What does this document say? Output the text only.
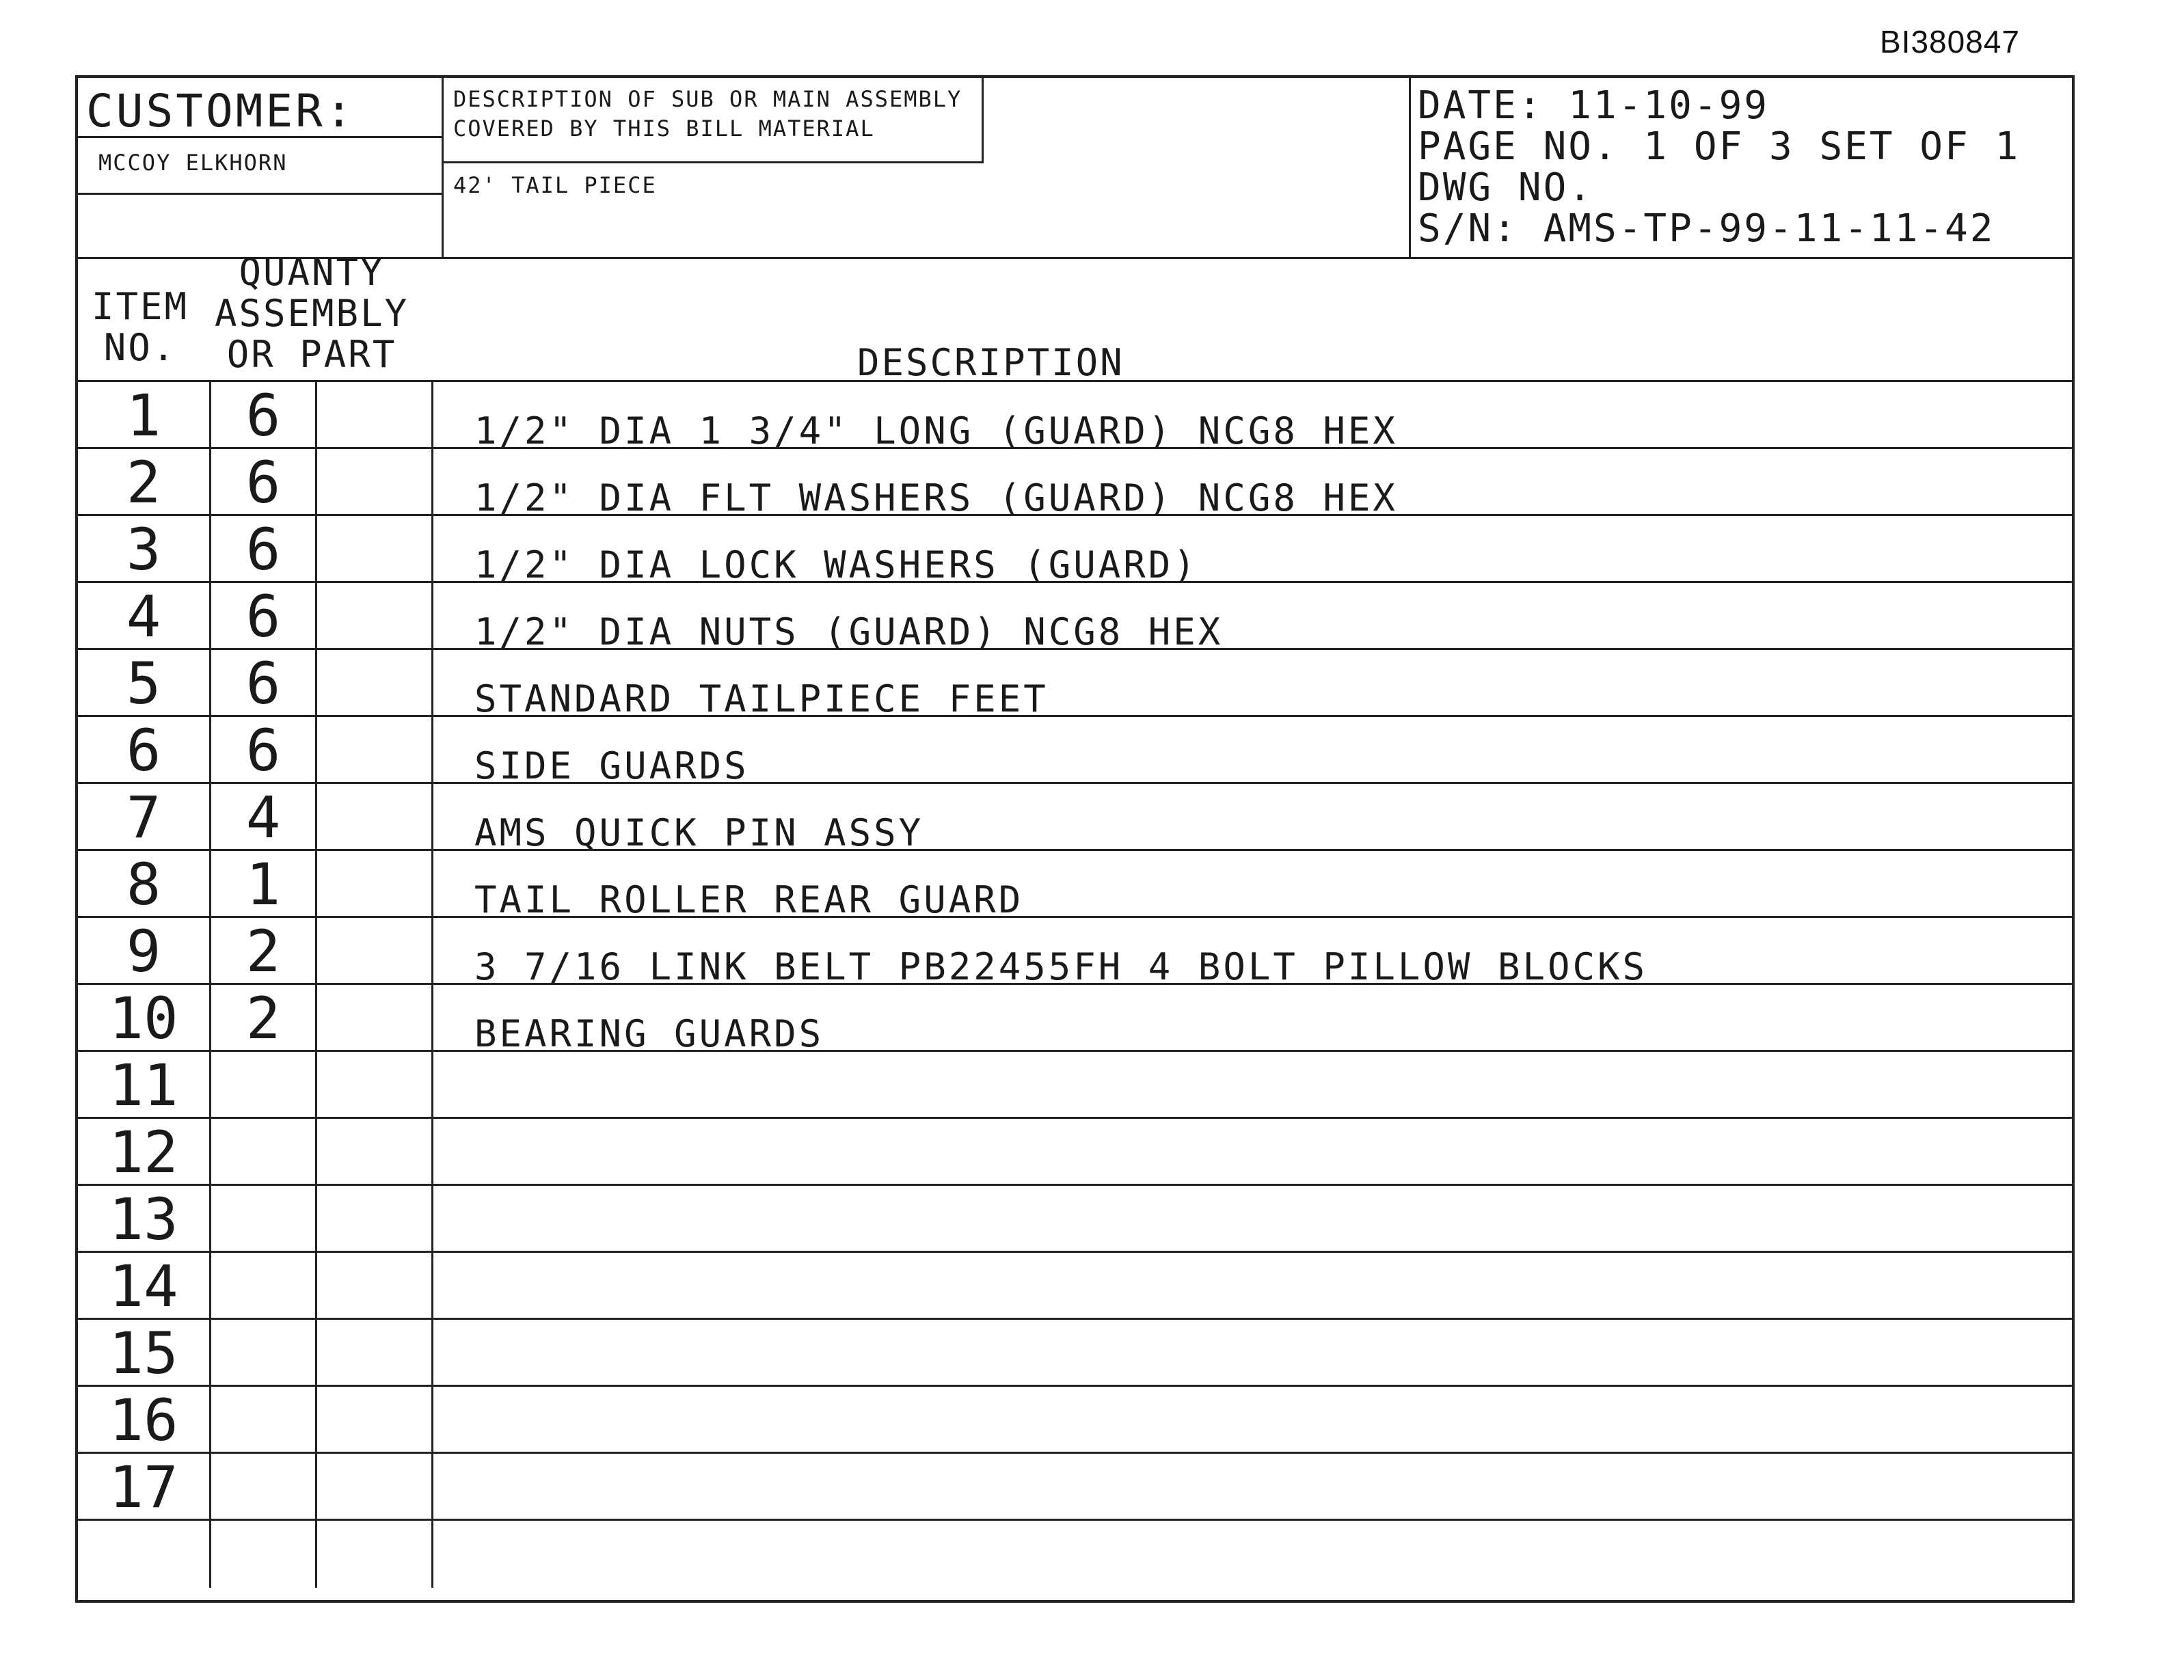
BI380847
CUSTOMER:
MCCOY ELKHORN
DESCRIPTION OF SUB OR MAIN ASSEMBLY
COVERED BY THIS BILL MATERIAL
42' TAIL PIECE
DATE: 11-10-99
PAGE NO. 1 OF 3 SET OF 1
DWG NO.
S/N: AMS-TP-99-11-11-42
ITEM
NO.
QUANTY
ASSEMBLY
OR PART	DESCRIPTION
1	6	1/2" DIA 1 3/4" LONG (GUARD) NCG8 HEX
2	6	1/2" DIA FLT WASHERS (GUARD) NCG8 HEX
3	6	1/2" DIA LOCK WASHERS (GUARD)
4	6	1/2" DIA NUTS (GUARD) NCG8 HEX
5	6	STANDARD TAILPIECE FEET
6	6	SIDE GUARDS
7	4	AMS QUICK PIN ASSY
8	1	TAIL ROLLER REAR GUARD
9	2	3 7/16 LINK BELT PB22455FH 4 BOLT PILLOW BLOCKS
10	2	BEARING GUARDS
11
12
13
14
15
16
17
